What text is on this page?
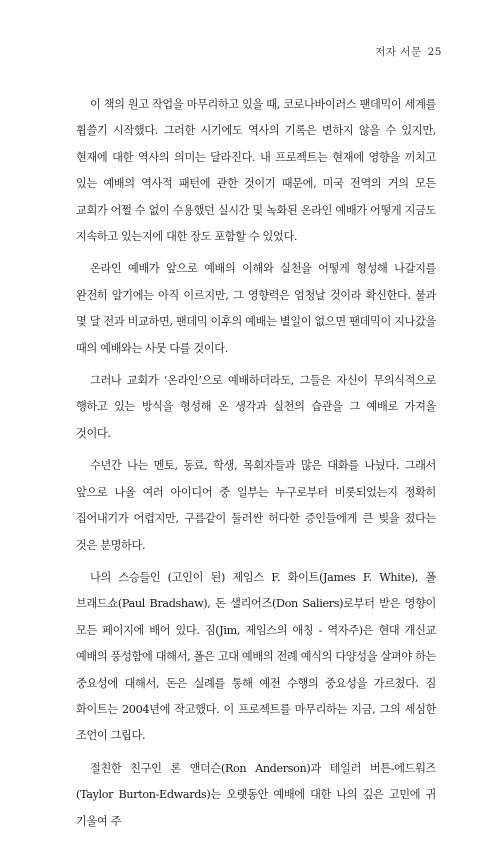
저자 서문 25

이 책의 원고 작업을 마무리하고 있을 때, 코로나바이러스 팬데믹이 세계를 휩쓸기 시작했다. 그러한 시기에도 역사의 기록은 변하지 않을 수 있지만, 현재에 대한 역사의 의미는 달라진다. 내 프로젝트는 현재에 영향을 끼치고 있는 예배의 역사적 패턴에 관한 것이기 때문에, 미국 전역의 거의 모든 교회가 어쩔 수 없이 수용했던 실시간 및 녹화된 온라인 예배가 어떻게 지금도 지속하고 있는지에 대한 장도 포함할 수 있었다.

온라인 예배가 앞으로 예배의 이해와 실천을 어떻게 형성해 나갈지를 완전히 알기에는 아직 이르지만, 그 영향력은 엄청날 것이라 확신한다. 불과 몇 달 전과 비교하면, 팬데믹 이후의 예배는 별일이 없으면 팬데믹이 지나갔을 때의 예배와는 사뭇 다를 것이다.

그러나 교회가 ‘온라인’으로 예배하더라도, 그들은 자신이 무의식적으로 행하고 있는 방식을 형성해 온 생각과 실천의 습관을 그 예배로 가져올 것이다.

수년간 나는 멘토, 동료, 학생, 목회자들과 많은 대화를 나눴다. 그래서 앞으로 나올 여러 아이디어 중 일부는 누구로부터 비롯되었는지 정확히 집어내기가 어렵지만, 구름같이 둘러싼 허다한 증인들에게 큰 빚을 졌다는 것은 분명하다.

나의 스승들인 (고인이 된) 제임스 F. 화이트(James F. White), 폴 브래드쇼(Paul Bradshaw), 돈 샐리어즈(Don Saliers)로부터 받은 영향이 모든 페이지에 배어 있다. 짐(Jim, 제임스의 애칭 - 역자주)은 현대 개신교 예배의 풍성함에 대해서, 폴은 고대 예배의 전례 예식의 다양성을 살펴야 하는 중요성에 대해서, 돈은 실례를 통해 예전 수행의 중요성을 가르쳤다. 짐 화이트는 2004년에 작고했다. 이 프로젝트를 마무리하는 지금, 그의 세심한 조언이 그립다.

절친한 친구인 론 앤더슨(Ron Anderson)과 테일러 버튼-에드워즈(Taylor Burton-Edwards)는 오랫동안 예배에 대한 나의 깊은 고민에 귀 기울여 주
